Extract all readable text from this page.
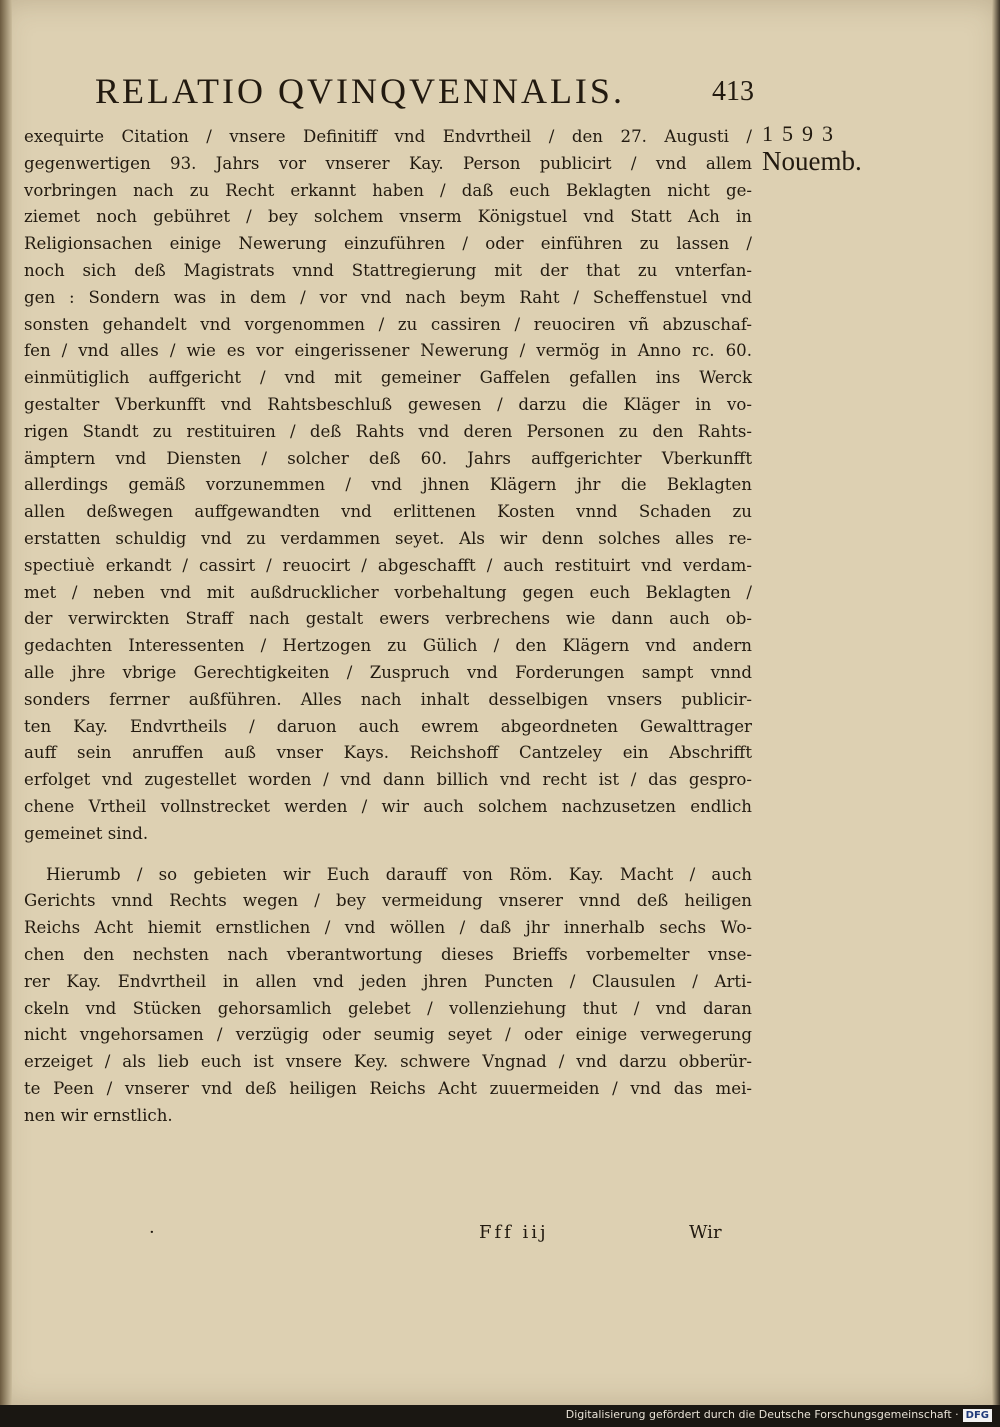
RELATIO QVINQVENNALIS.	413
1593
Nouemb.
exequirte Citation / vnsere Definitiff vnd Endvrtheil / den 27. Augusti /
gegenwertigen 93. Jahrs vor vnserer Kay. Person publicirt / vnd allem
vorbringen nach zu Recht erkannt haben / daß euch Beklagten nicht ge-
ziemet noch gebühret / bey solchem vnserm Königstuel vnd Statt Ach in
Religionsachen einige Newerung einzuführen / oder einführen zu lassen /
noch sich deß Magistrats vnnd Stattregierung mit der that zu vnterfan-
gen : Sondern was in dem / vor vnd nach beym Raht / Scheffenstuel vnd
sonsten gehandelt vnd vorgenommen / zu cassiren / reuociren vñ abzuschaf-
fen / vnd alles / wie es vor eingerissener Newerung / vermög in Anno rc. 60.
einmütiglich auffgericht / vnd mit gemeiner Gaffelen gefallen ins Werck
gestalter Vberkunfft vnd Rahtsbeschluß gewesen / darzu die Kläger in vo-
rigen Standt zu restituiren / deß Rahts vnd deren Personen zu den Rahts-
ämptern vnd Diensten / solcher deß 60. Jahrs auffgerichter Vberkunfft
allerdings gemäß vorzunemmen / vnd jhnen Klägern jhr die Beklagten
allen deßwegen auffgewandten vnd erlittenen Kosten vnnd Schaden zu
erstatten schuldig vnd zu verdammen seyet. Als wir denn solches alles re-
spectiuè erkandt / cassirt / reuocirt / abgeschafft / auch restituirt vnd verdam-
met / neben vnd mit außdrucklicher vorbehaltung gegen euch Beklagten /
der verwirckten Straff nach gestalt ewers verbrechens wie dann auch ob-
gedachten Interessenten / Hertzogen zu Gülich / den Klägern vnd andern
alle jhre vbrige Gerechtigkeiten / Zuspruch vnd Forderungen sampt vnnd
sonders ferrner außführen. Alles nach inhalt desselbigen vnsers publicir-
ten Kay. Endvrtheils / daruon auch ewrem abgeordneten Gewalttrager
auff sein anruffen auß vnser Kays. Reichshoff Cantzeley ein Abschrifft
erfolget vnd zugestellet worden / vnd dann billich vnd recht ist / das gespro-
chene Vrtheil vollnstrecket werden / wir auch solchem nachzusetzen endlich
gemeinet sind.
Hierumb / so gebieten wir Euch darauff von Röm. Kay. Macht / auch
Gerichts vnnd Rechts wegen / bey vermeidung vnserer vnnd deß heiligen
Reichs Acht hiemit ernstlichen / vnd wöllen / daß jhr innerhalb sechs Wo-
chen den nechsten nach vberantwortung dieses Brieffs vorbemelter vnse-
rer Kay. Endvrtheil in allen vnd jeden jhren Puncten / Clausulen / Arti-
ckeln vnd Stücken gehorsamlich gelebet / vollenziehung thut / vnd daran
nicht vngehorsamen / verzügig oder seumig seyet / oder einige verwegerung
erzeiget / als lieb euch ist vnsere Key. schwere Vngnad / vnd darzu obberür-
te Peen / vnserer vnd deß heiligen Reichs Acht zuuermeiden / vnd das mei-
nen wir ernstlich.
·	Fff iij	Wir
Digitalisierung gefördert durch die Deutsche Forschungsgemeinschaft · DFG
